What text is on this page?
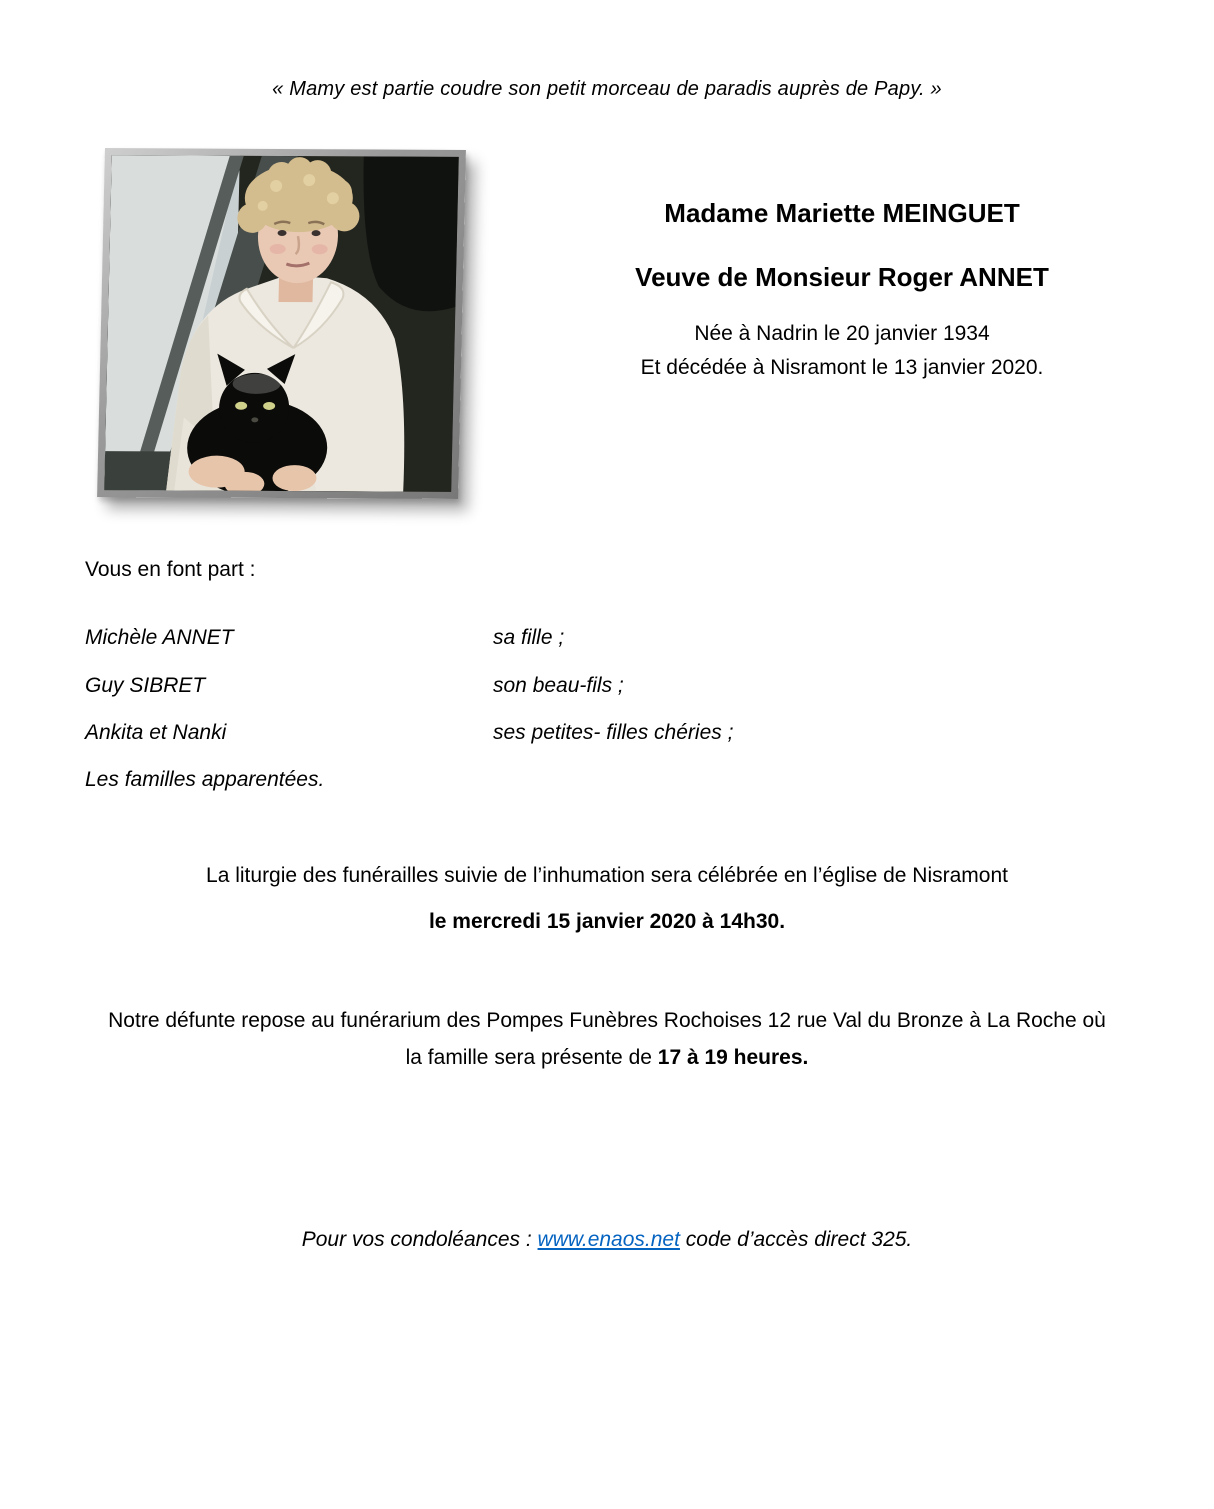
« Mamy est partie coudre son petit morceau de paradis auprès de Papy. »
Madame Mariette MEINGUET
Veuve de Monsieur Roger ANNET
Née à Nadrin le 20 janvier 1934
Et décédée à Nisramont le 13 janvier 2020.
Vous en font part :
Michèle ANNET	sa fille ;
Guy SIBRET	son beau-fils ;
Ankita et Nanki	ses petites- filles chéries ;
Les familles apparentées.
La liturgie des funérailles suivie de l’inhumation sera célébrée en l’église de Nisramont
le mercredi 15 janvier 2020 à 14h30.
Notre défunte repose au funérarium des Pompes Funèbres Rochoises 12 rue Val du Bronze à La Roche où la famille sera présente de 17 à 19 heures.
Pour vos condoléances : www.enaos.net code d’accès direct 325.
